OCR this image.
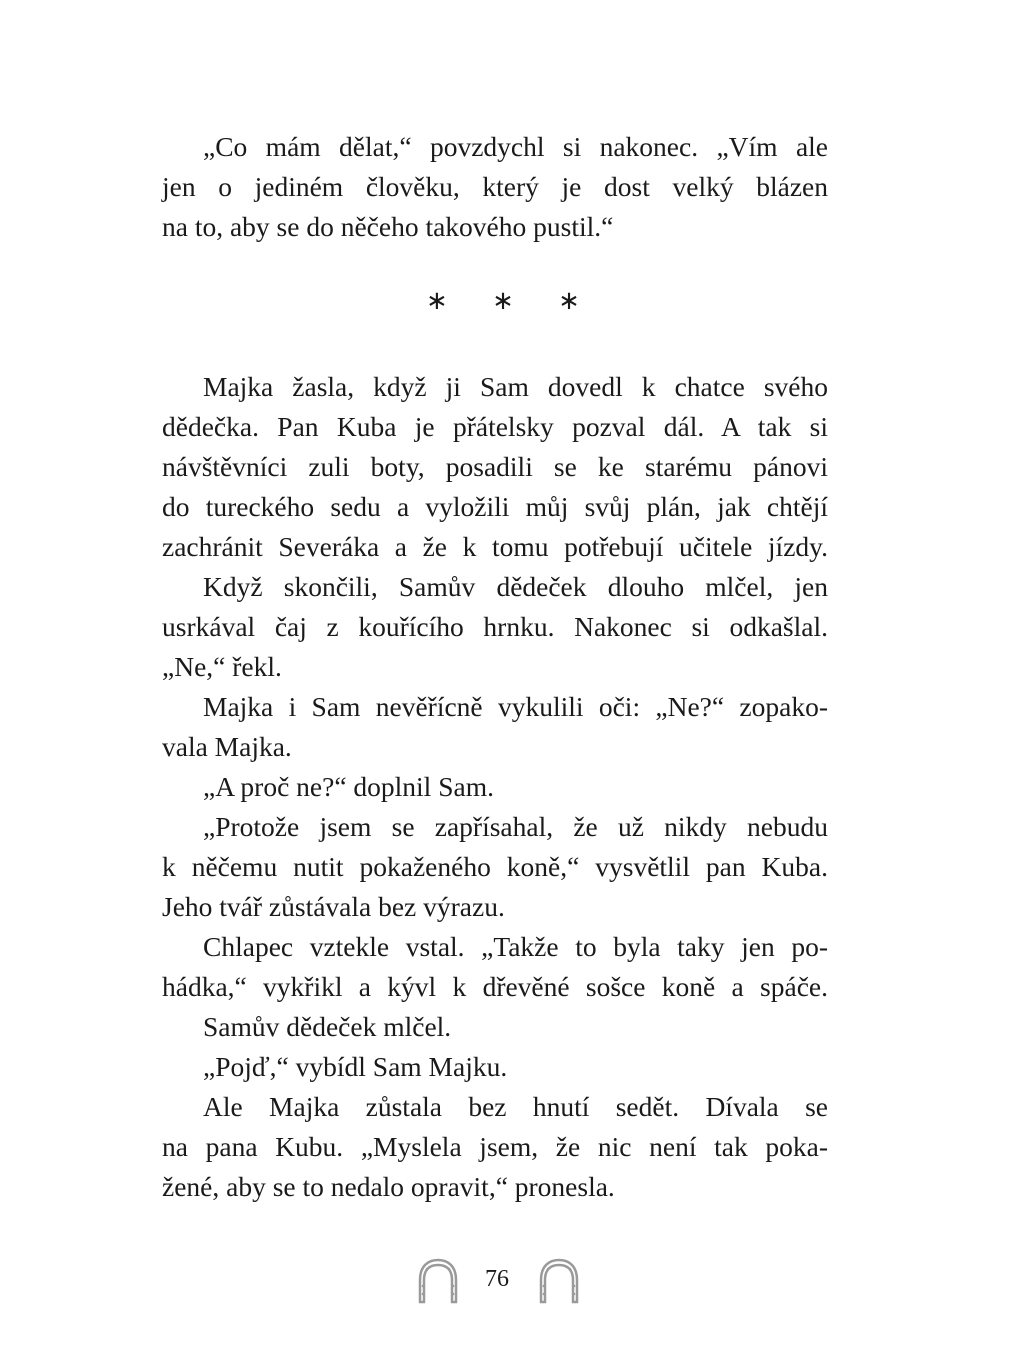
„Co mám dělat,“ povzdychl si nakonec. „Vím ale
jen o jediném člověku, který je dost velký blázen
na to, aby se do něčeho takového pustil.“
∗ ∗ ∗
Majka žasla, když ji Sam dovedl k chatce svého
dědečka. Pan Kuba je přátelsky pozval dál. A tak si
návštěvníci zuli boty, posadili se ke starému pánovi
do tureckého sedu a vyložili můj svůj plán, jak chtějí
zachránit Severáka a že k tomu potřebují učitele jízdy.
Když skončili, Samův dědeček dlouho mlčel, jen
usrkával čaj z kouřícího hrnku. Nakonec si odkašlal.
„Ne,“ řekl.
Majka i Sam nevěřícně vykulili oči: „Ne?“ zopako-
vala Majka.
„A proč ne?“ doplnil Sam.
„Protože jsem se zapřísahal, že už nikdy nebudu
k něčemu nutit pokaženého koně,“ vysvětlil pan Kuba.
Jeho tvář zůstávala bez výrazu.
Chlapec vztekle vstal. „Takže to byla taky jen po-
hádka,“ vykřikl a kývl k dřevěné sošce koně a spáče.
Samův dědeček mlčel.
„Pojď,“ vybídl Sam Majku.
Ale Majka zůstala bez hnutí sedět. Dívala se
na pana Kubu. „Myslela jsem, že nic není tak poka-
žené, aby se to nedalo opravit,“ pronesla.
76
